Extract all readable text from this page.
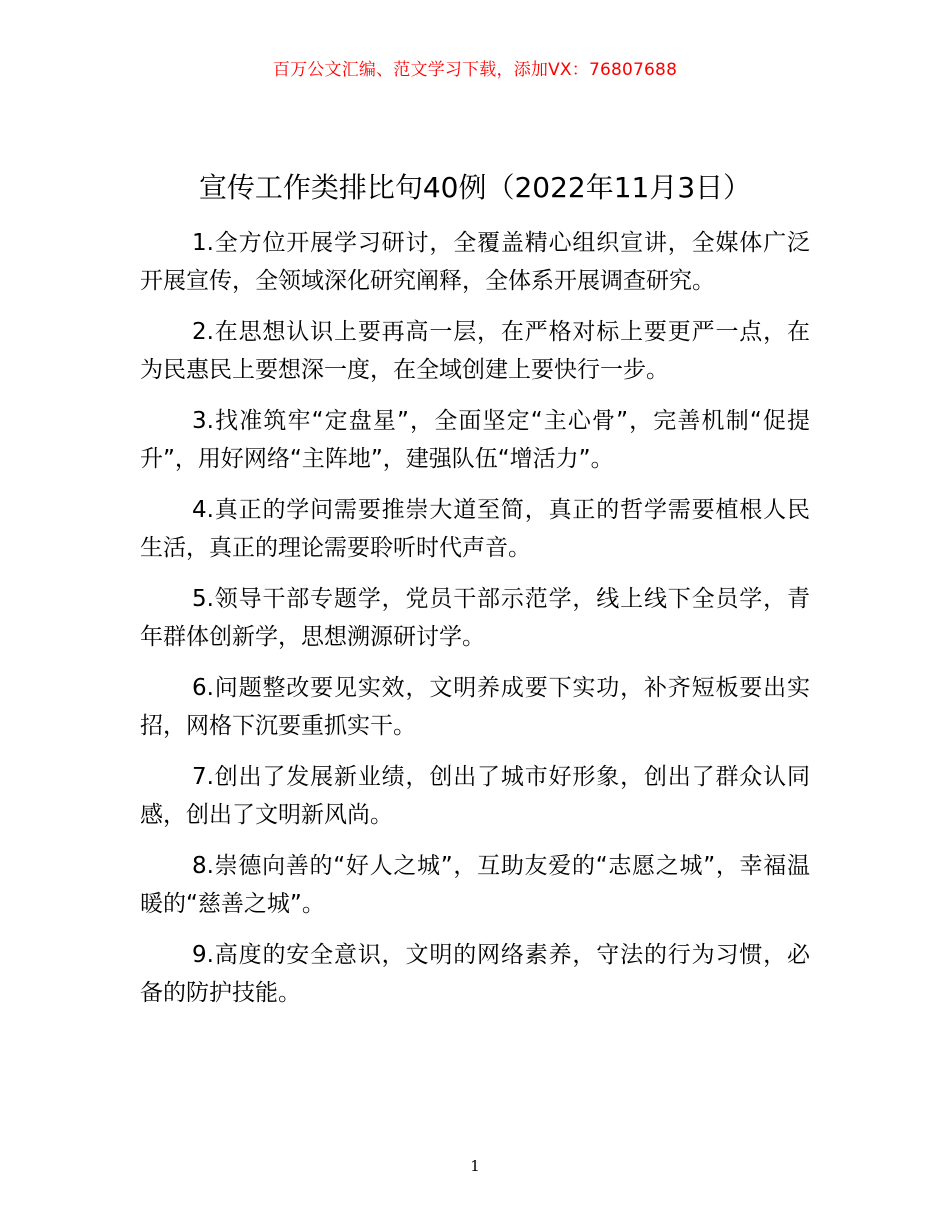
百万公文汇编、范文学习下载，添加VX：76807688
宣传工作类排比句40例（2022年11月3日）

1.全方位开展学习研讨，全覆盖精心组织宣讲，全媒体广泛开展宣传，全领域深化研究阐释，全体系开展调查研究。

2.在思想认识上要再高一层，在严格对标上要更严一点，在为民惠民上要想深一度，在全域创建上要快行一步。

3.找准筑牢“定盘星”，全面坚定“主心骨”，完善机制“促提升”，用好网络“主阵地”，建强队伍“增活力”。

4.真正的学问需要推崇大道至简，真正的哲学需要植根人民生活，真正的理论需要聆听时代声音。

5.领导干部专题学，党员干部示范学，线上线下全员学，青年群体创新学，思想溯源研讨学。

6.问题整改要见实效，文明养成要下实功，补齐短板要出实招，网格下沉要重抓实干。

7.创出了发展新业绩，创出了城市好形象，创出了群众认同感，创出了文明新风尚。

8.崇德向善的“好人之城”，互助友爱的“志愿之城”，幸福温暖的“慈善之城”。

9.高度的安全意识，文明的网络素养，守法的行为习惯，必备的防护技能。

1
